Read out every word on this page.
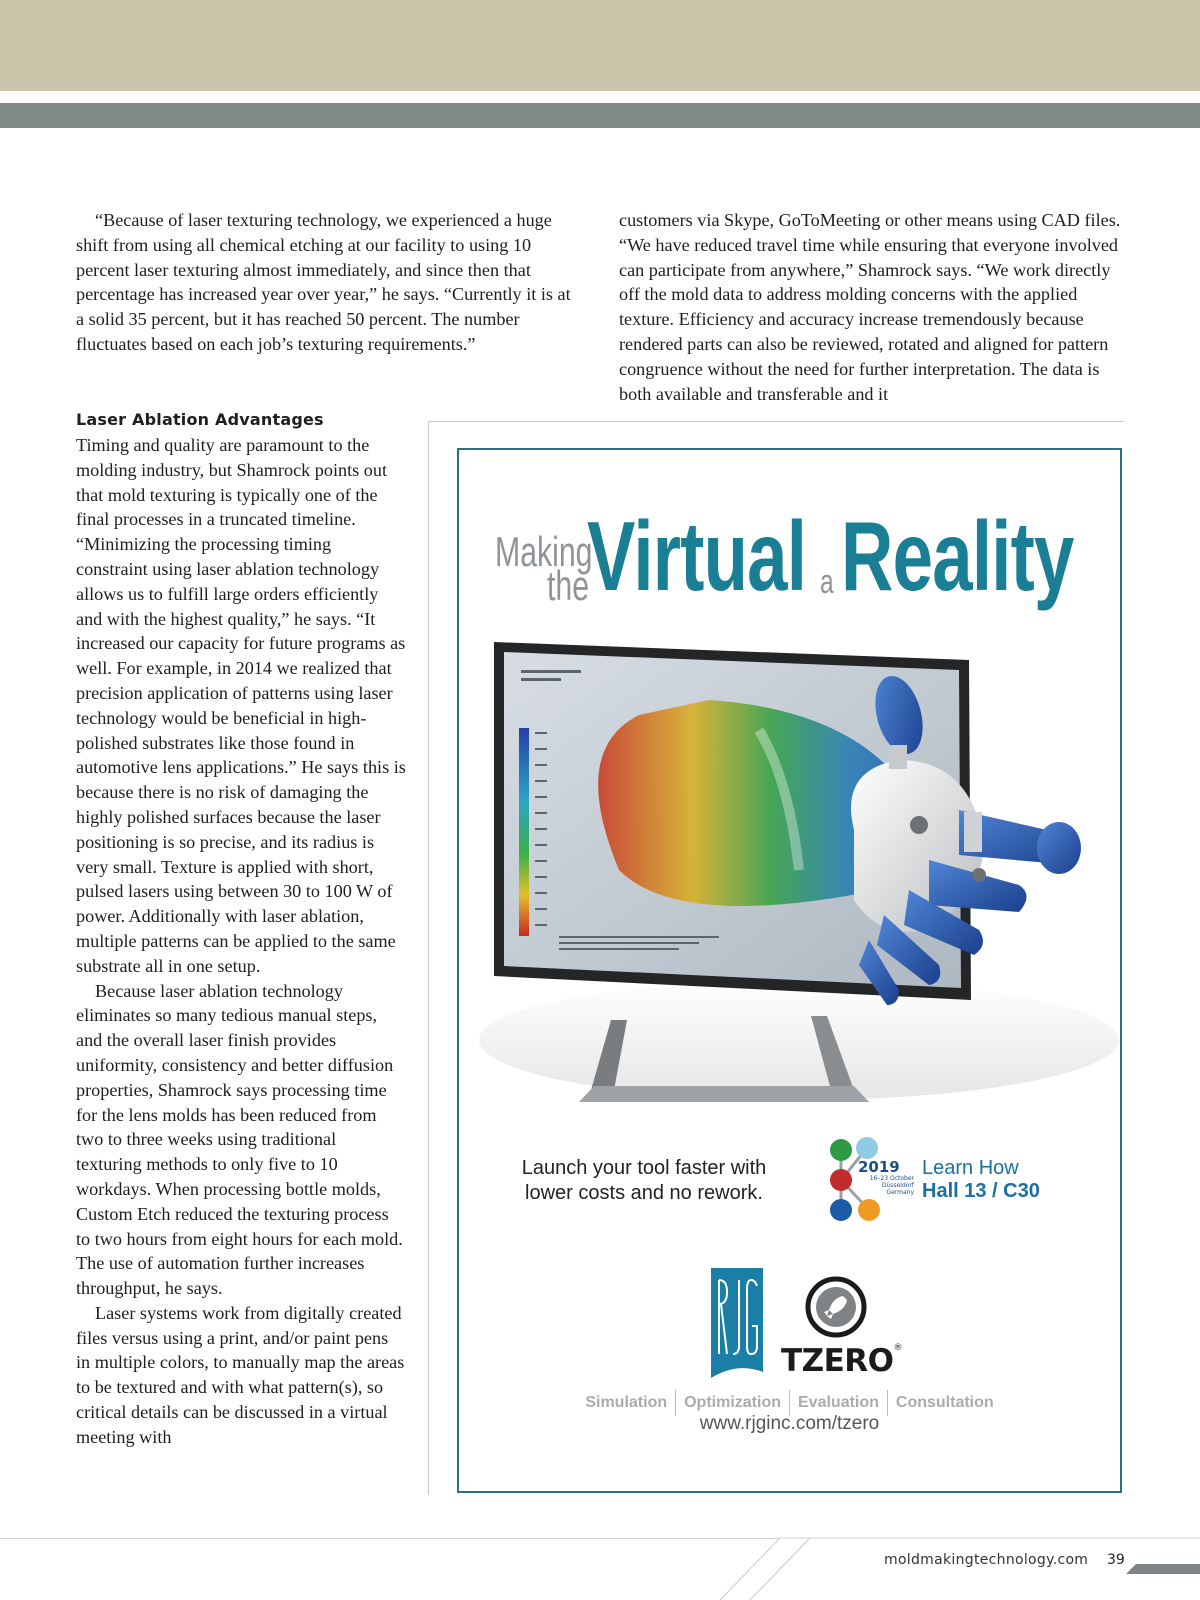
“Because of laser texturing technology, we experienced a huge shift from using all chemical etching at our facility to using 10 percent laser texturing almost immediately, and since then that percentage has increased year over year,” he says. “Currently it is at a solid 35 percent, but it has reached 50 percent. The number fluctuates based on each job’s texturing requirements.”

customers via Skype, GoToMeeting or other means using CAD files. “We have reduced travel time while ensuring that everyone involved can participate from anywhere,” Shamrock says. “We work directly off the mold data to address molding concerns with the applied texture. Efficiency and accuracy increase tremendously because rendered parts can also be reviewed, rotated and aligned for pattern congruence without the need for further interpretation. The data is both available and transferable and it

Laser Ablation Advantages

Timing and quality are paramount to the molding industry, but Shamrock points out that mold texturing is typically one of the final processes in a truncated timeline. “Minimizing the processing timing constraint using laser ablation technology allows us to fulfill large orders efficiently and with the highest quality,” he says. “It increased our capacity for future programs as well. For example, in 2014 we realized that precision application of patterns using laser technology would be beneficial in high-polished substrates like those found in automotive lens applications.” He says this is because there is no risk of damaging the highly polished surfaces because the laser positioning is so precise, and its radius is very small. Texture is applied with short, pulsed lasers using between 30 to 100 W of power. Additionally with laser ablation, multiple patterns can be applied to the same substrate all in one setup.

Because laser ablation technology eliminates so many tedious manual steps, and the overall laser finish provides uniformity, consistency and better diffusion properties, Shamrock says processing time for the lens molds has been reduced from two to three weeks using traditional texturing methods to only five to 10 workdays. When processing bottle molds, Custom Etch reduced the texturing process to two hours from eight hours for each mold. The use of automation further increases throughput, he says.

Laser systems work from digitally created files versus using a print, and/or paint pens in multiple colors, to manually map the areas to be textured and with what pattern(s), so critical details can be discussed in a virtual meeting with

Making
the
Virtual a Reality
Launch your tool faster with lower costs and no rework.
2019
16–23 October
Düsseldorf
Germany
Learn How
Hall 13 / C30
TZERO®
Simulation Optimization Evaluation Consultation
www.rjginc.com/tzero
moldmakingtechnology.com 39
